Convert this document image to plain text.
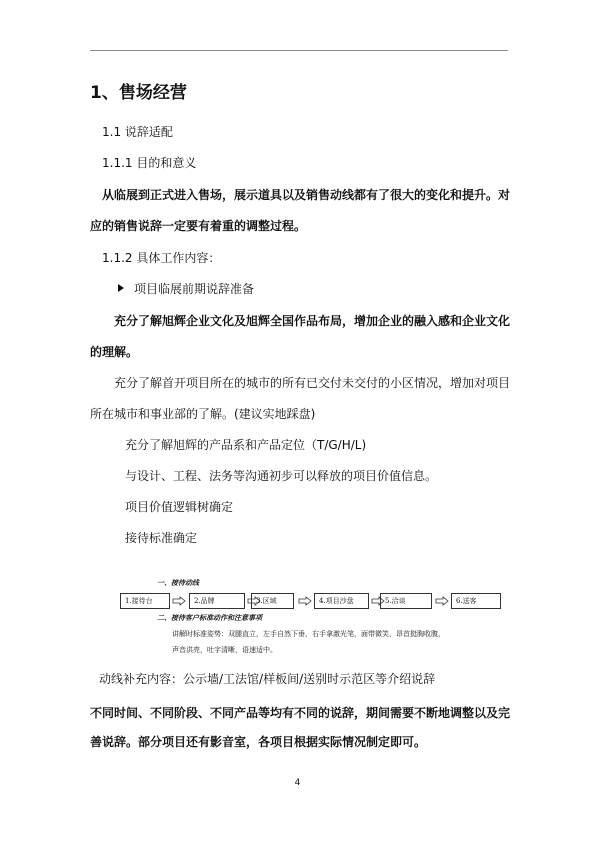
1、售场经营
1.1 说辞适配
1.1.1 目的和意义
从临展到正式进入售场，展示道具以及销售动线都有了很大的变化和提升。对
应的销售说辞一定要有着重的调整过程。
1.1.2 具体工作内容：
项目临展前期说辞准备
充分了解旭辉企业文化及旭辉全国作品布局，增加企业的融入感和企业文化
的理解。
充分了解首开项目所在的城市的所有已交付未交付的小区情况，增加对项目
所在城市和事业部的了解。(建议实地踩盘)
充分了解旭辉的产品系和产品定位（T/G/H/L)
与设计、工程、法务等沟通初步可以释放的项目价值信息。
项目价值逻辑树确定
接待标准确定
一、接待动线
1.接待台	2.品牌	3.区域	4.项目沙盘	5.洽谈	6.送客
二、接待客户标准动作和注意事项
讲解时标准姿势：双腿直立，左手自然下垂，右手拿激光笔，面带微笑，昂首挺胸收腹，
声音洪亮，吐字清晰，语速适中。
动线补充内容：公示墙/工法馆/样板间/送别时示范区等介绍说辞
不同时间、不同阶段、不同产品等均有不同的说辞，期间需要不断地调整以及完
善说辞。部分项目还有影音室，各项目根据实际情况制定即可。
4
